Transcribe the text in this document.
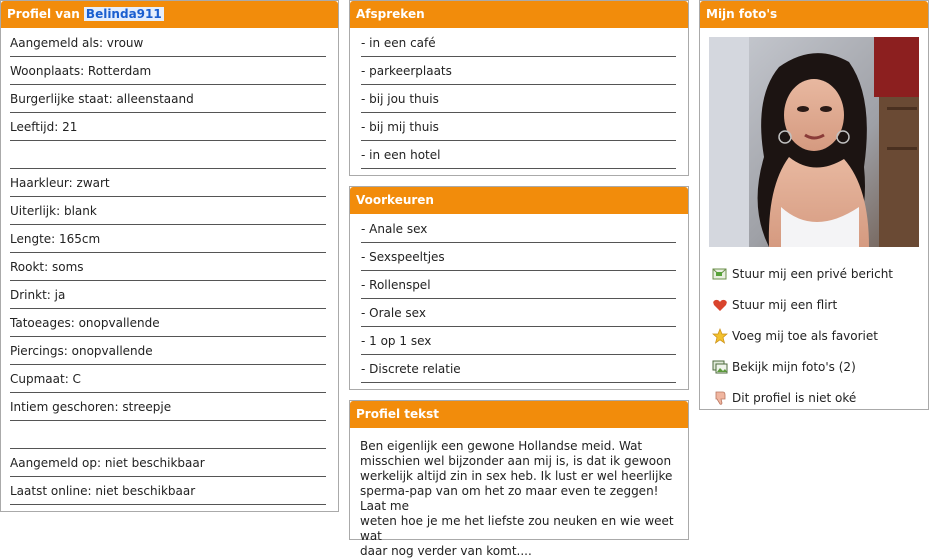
Profiel van Belinda911
Aangemeld als: vrouw
Woonplaats: Rotterdam
Burgerlijke staat: alleenstaand
Leeftijd: 21
Haarkleur: zwart
Uiterlijk: blank
Lengte: 165cm
Rookt: soms
Drinkt: ja
Tatoeages: onopvallende
Piercings: onopvallende
Cupmaat: C
Intiem geschoren: streepje
Aangemeld op: niet beschikbaar
Laatst online: niet beschikbaar
Afspreken
- in een café
- parkeerplaats
- bij jou thuis
- bij mij thuis
- in een hotel
Voorkeuren
- Anale sex
- Sexspeeltjes
- Rollenspel
- Orale sex
- 1 op 1 sex
- Discrete relatie
Profiel tekst
Ben eigenlijk een gewone Hollandse meid. Wat
misschien wel bijzonder aan mij is, is dat ik gewoon
werkelijk altijd zin in sex heb. Ik lust er wel heerlijke
sperma-pap van om het zo maar even te zeggen! Laat me
weten hoe je me het liefste zou neuken en wie weet wat
daar nog verder van komt....
Mijn foto's
Stuur mij een privé bericht
Stuur mij een flirt
Voeg mij toe als favoriet
Bekijk mijn foto's (2)
Dit profiel is niet oké
